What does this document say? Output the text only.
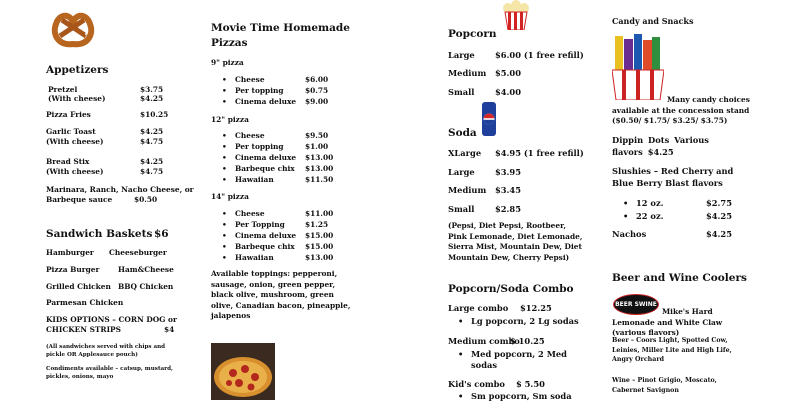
Appetizers
Pretzel	$3.75
(With cheese)	$4.25
Pizza Fries	$10.25
Garlic Toast	$4.25
(With cheese)	$4.75
Bread Stix	$4.25
(With cheese)	$4.75
Marinara, Ranch, Nacho Cheese, or
Barbeque sauce	$0.50
Sandwich Baskets $6
Hamburger Cheeseburger
Pizza Burger	Ham&Cheese
Grilled Chicken BBQ Chicken
Parmesan Chicken
KIDS OPTIONS – CORN DOG or
CHICKEN STRIPS	$4
(All sandwiches served with chips and pickle OR Applesauce pouch)
Condiments available – catsup, mustard, pickles, onions, mayo
Movie Time Homemade
Pizzas
9" pizza
• Cheese	$6.00
• Per topping	$0.75
• Cinema deluxe $9.00
12" pizza
• Cheese	$9.50
• Per topping	$1.00
• Cinema deluxe $13.00
• Barbeque chix $13.00
• Hawaiian	$11.50
14" pizza
• Cheese	$11.00
• Per Topping	$1.25
• Cinema deluxe $15.00
• Barbeque chix $15.00
• Hawaiian	$13.00
Available toppings: pepperoni, sausage, onion, green pepper, black olive, mushroom, green olive, Canadian bacon, pineapple, jalapenos
Popcorn
Large $6.00 (1 free refill)
Medium $5.00
Small $4.00
Soda
XLarge $4.95 (1 free refill)
Large $3.95
Medium $3.45
Small $2.85
(Pepsi, Diet Pepsi, Rootbeer, Pink Lemonade, Diet Lemonade, Sierra Mist, Mountain Dew, Diet Mountain Dew, Cherry Pepsi)
Popcorn/Soda Combo
Large combo $12.25
• Lg popcorn, 2 Lg sodas
Medium combo
$ 10.25
• Med popcorn, 2 Med sodas
Kid's combo $ 5.50
• Sm popcorn, Sm soda
Candy and Snacks
Many candy choices available at the concession stand ($0.50/ $1.75/ $3.25/ $3.75)
Dippin Dots Various flavors $4.25
Slushies – Red Cherry and Blue Berry Blast flavors
• 12 oz.	$2.75
• 22 oz.	$4.25
Nachos	$4.25
Beer and Wine Coolers
BEER SWINE
Mike's Hard Lemonade and White Claw (various flavors)
Beer – Coors Light, Spotted Cow, Leinies, Miller Lite and High Life, Angry Orchard
Wine – Pinot Grigio, Moscato, Cabernet Savignon
